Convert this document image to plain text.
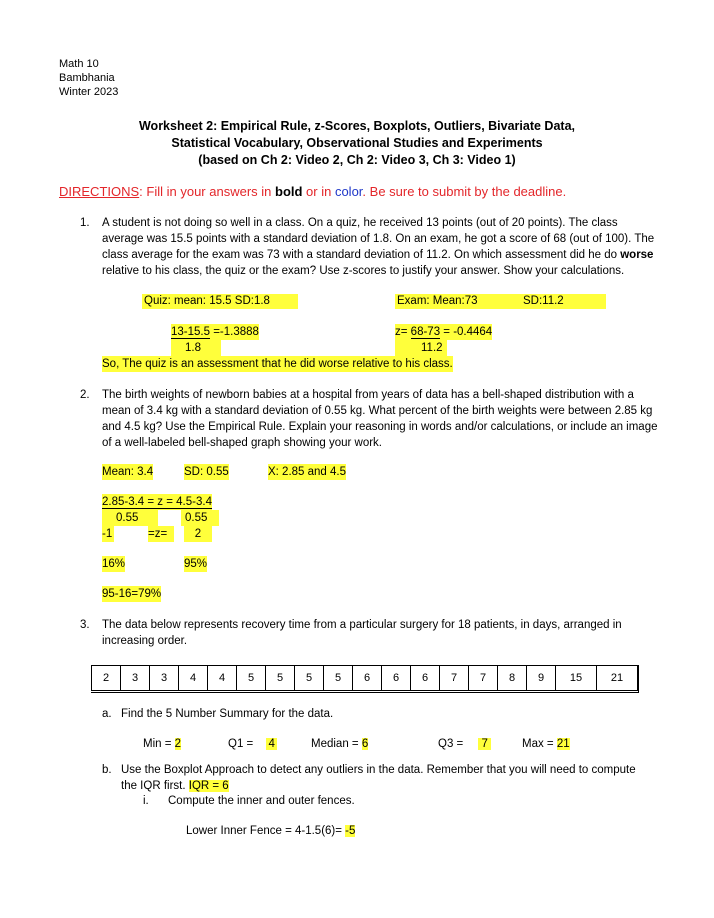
Math 10
Bambhania
Winter 2023
Worksheet 2: Empirical Rule, z-Scores, Boxplots, Outliers, Bivariate Data,
Statistical Vocabulary, Observational Studies and Experiments
(based on Ch 2: Video 2, Ch 2: Video 3, Ch 3: Video 1)
DIRECTIONS: Fill in your answers in bold or in color. Be sure to submit by the deadline.
1. A student is not doing so well in a class. On a quiz, he received 13 points (out of 20 points). The class average was 15.5 points with a standard deviation of 1.8. On an exam, he got a score of 68 (out of 100). The class average for the exam was 73 with a standard deviation of 11.2. On which assessment did he do worse relative to his class, the quiz or the exam? Use z-scores to justify your answer. Show your calculations.
Quiz: mean: 15.5 SD:1.8	Exam: Mean:73	SD:11.2
13-15.5 =-1.3888
1.8
z= 68-73 = -0.4464
11.2
So, The quiz is an assessment that he did worse relative to his class.
2. The birth weights of newborn babies at a hospital from years of data has a bell-shaped distribution with a mean of 3.4 kg with a standard deviation of 0.55 kg. What percent of the birth weights were between 2.85 kg and 4.5 kg? Use the Empirical Rule. Explain your reasoning in words and/or calculations, or include an image of a well-labeled bell-shaped graph showing your work.
Mean: 3.4	SD: 0.55	X: 2.85 and 4.5
2.85-3.4 = z = 4.5-3.4
0.55	0.55
-1	=z=	2
16%	95%
95-16=79%
3. The data below represents recovery time from a particular surgery for 18 patients, in days, arranged in increasing order.
2	3	3	4	4	5	5	5	5	6	6	6	7	7	8	9	15	21
a. Find the 5 Number Summary for the data.
Min = 2	Q1 = 4	Median = 6	Q3 = 7	Max = 21
b. Use the Boxplot Approach to detect any outliers in the data. Remember that you will need to compute
the IQR first. IQR = 6
i. Compute the inner and outer fences.
Lower Inner Fence = 4-1.5(6)= -5
